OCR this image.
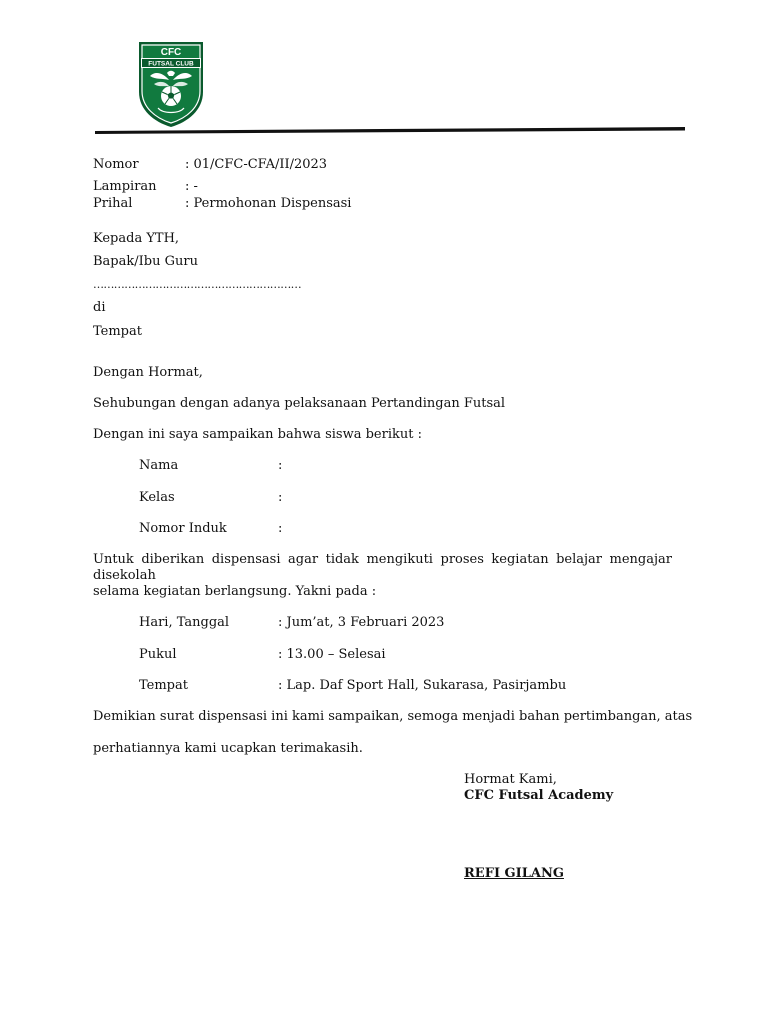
CFC
FUTSAL CLUB
Nomor	: 01/CFC-CFA/II/2023
Lampiran : -
Prihal	: Permohonan Dispensasi
Kepada YTH,
Bapak/Ibu Guru
……………………………………………………
di
Tempat
Dengan Hormat,
Sehubungan dengan adanya pelaksanaan Pertandingan Futsal
Dengan ini saya sampaikan bahwa siswa berikut :
Nama	:
Kelas	:
Nomor Induk	:
Untuk diberikan dispensasi agar tidak mengikuti proses kegiatan belajar mengajar disekolah
selama kegiatan berlangsung. Yakni pada :
Hari, Tanggal	: Jum’at, 3 Februari 2023
Pukul	: 13.00 – Selesai
Tempat	: Lap. Daf Sport Hall, Sukarasa, Pasirjambu
Demikian surat dispensasi ini kami sampaikan, semoga menjadi bahan pertimbangan, atas
perhatiannya kami ucapkan terimakasih.
Hormat Kami,
CFC Futsal Academy
REFI GILANG
